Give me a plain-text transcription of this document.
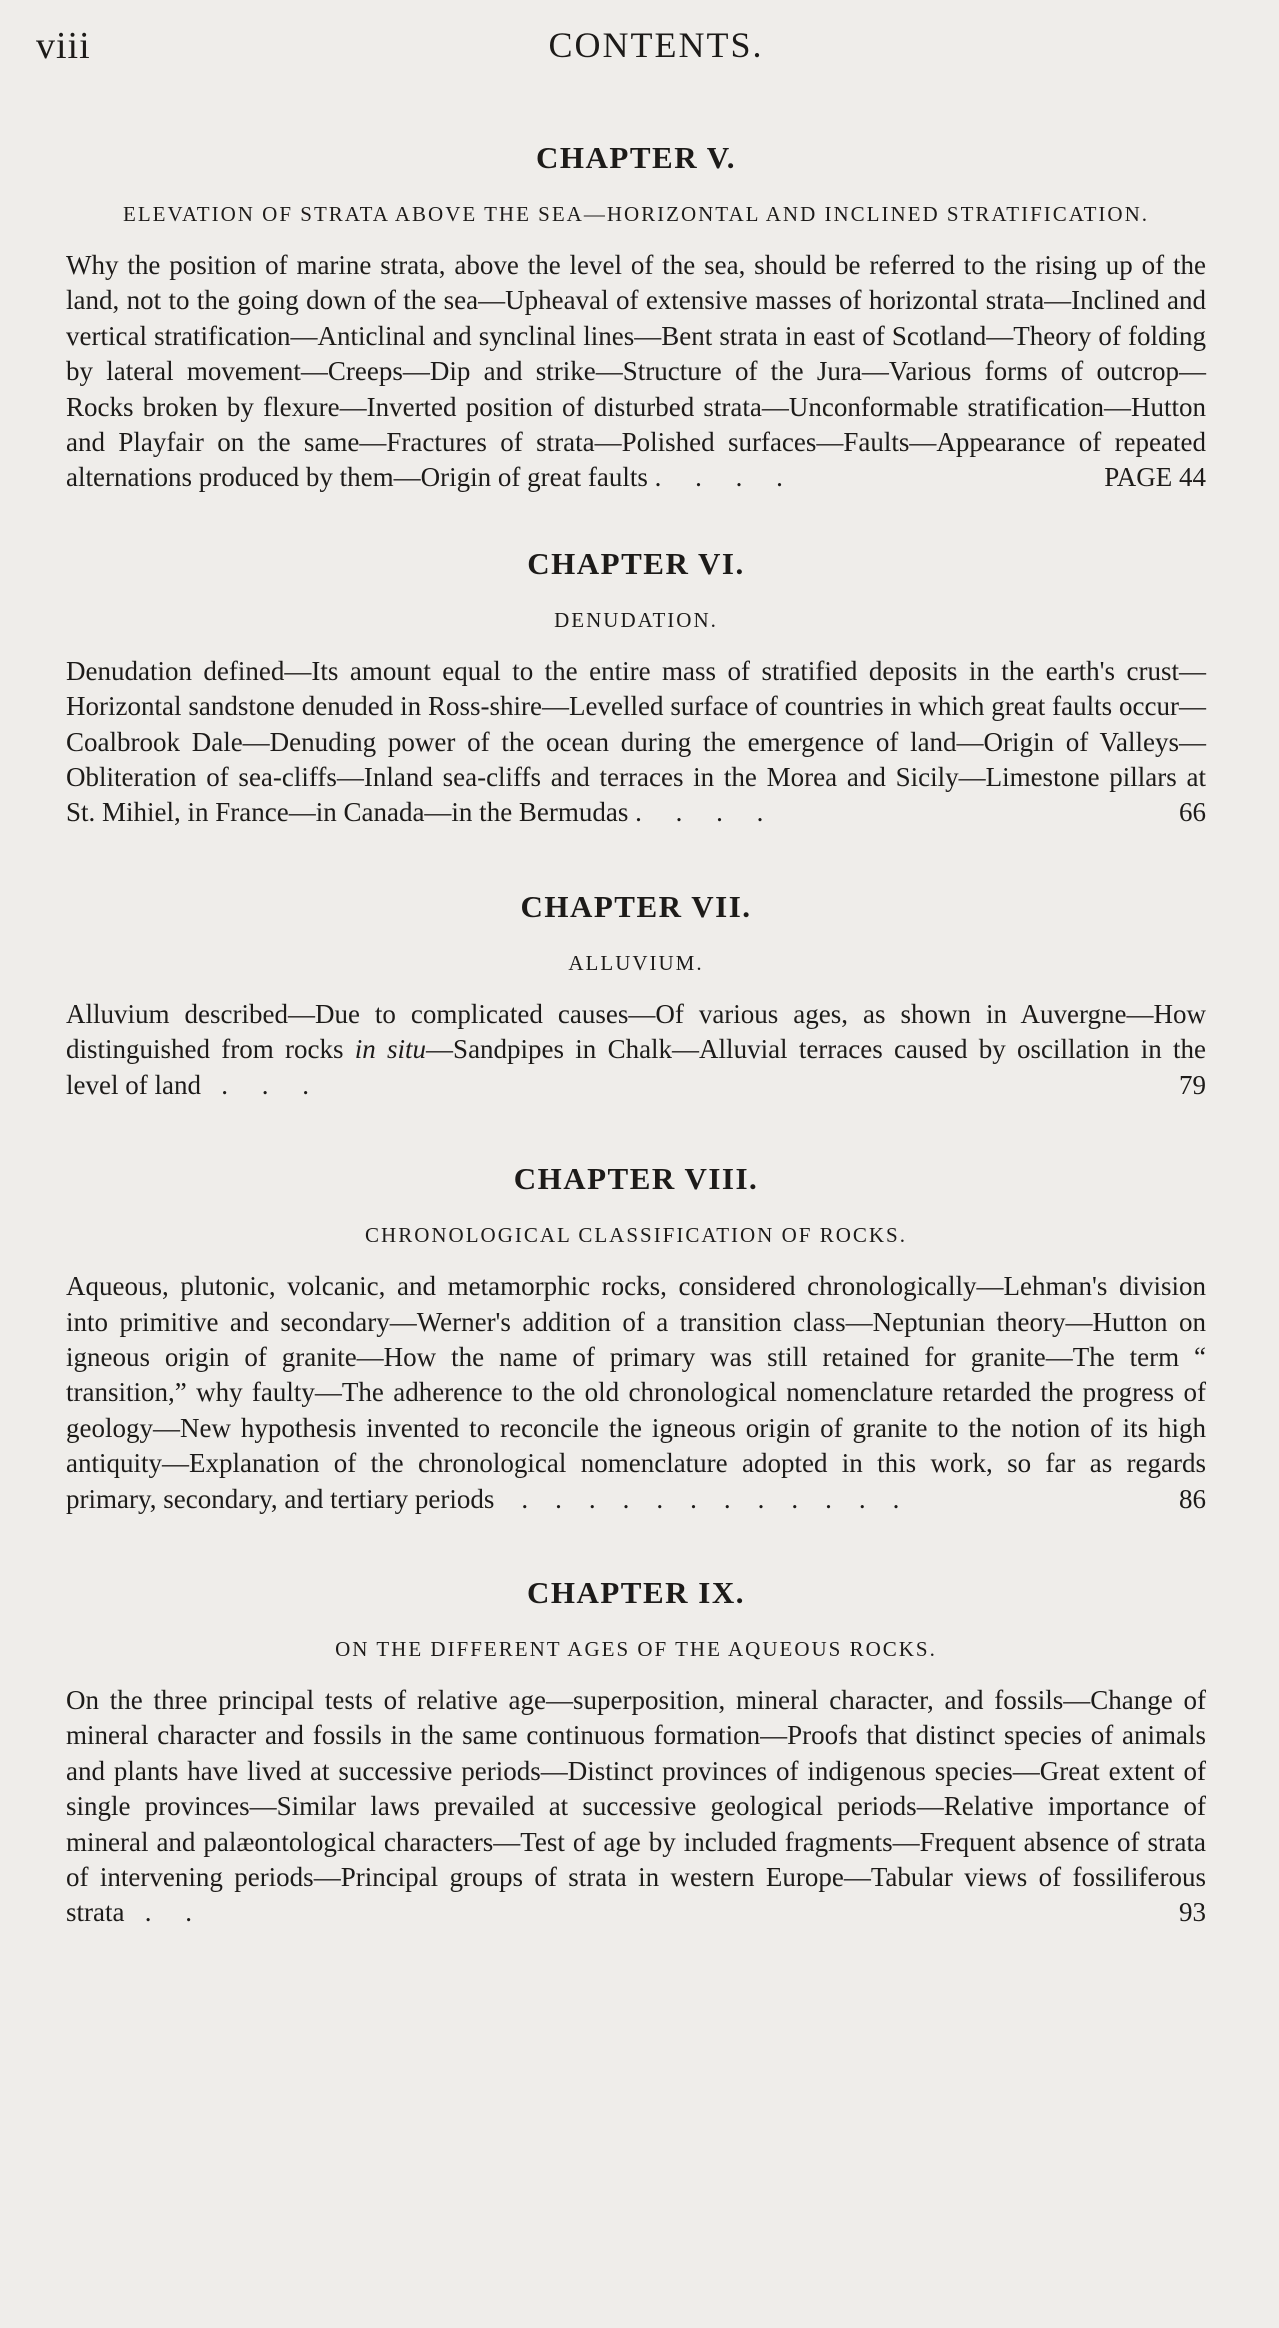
viii	CONTENTS.
CHAPTER V.
ELEVATION OF STRATA ABOVE THE SEA—HORIZONTAL AND INCLINED STRATIFICATION.

Why the position of marine strata, above the level of the sea, should be referred to the rising up of the land, not to the going down of the sea—Upheaval of extensive masses of horizontal strata—Inclined and vertical stratification—Anticlinal and synclinal lines—Bent strata in east of Scotland—Theory of folding by lateral movement—Creeps—Dip and strike—Structure of the Jura—Various forms of outcrop—Rocks broken by flexure—Inverted position of disturbed strata—Unconformable stratification—Hutton and Playfair on the same—Fractures of strata—Polished surfaces—Faults—Appearance of repeated alternations produced by them—Origin of great faults .     .     .     .	PAGE 44

CHAPTER VI.
DENUDATION.

Denudation defined—Its amount equal to the entire mass of stratified deposits in the earth's crust—Horizontal sandstone denuded in Ross-shire—Levelled surface of countries in which great faults occur—Coalbrook Dale—Denuding power of the ocean during the emergence of land—Origin of Valleys—Obliteration of sea-cliffs—Inland sea-cliffs and terraces in the Morea and Sicily—Limestone pillars at St. Mihiel, in France—in Canada—in the Bermudas .     .     .     .	66

CHAPTER VII.
ALLUVIUM.

Alluvium described—Due to complicated causes—Of various ages, as shown in Auvergne—How distinguished from rocks in situ—Sandpipes in Chalk—Alluvial terraces caused by oscillation in the level of land   .     .     .	79

CHAPTER VIII.
CHRONOLOGICAL CLASSIFICATION OF ROCKS.

Aqueous, plutonic, volcanic, and metamorphic rocks, considered chronologically—Lehman's division into primitive and secondary—Werner's addition of a transition class—Neptunian theory—Hutton on igneous origin of granite—How the name of primary was still retained for granite—The term “ transition,” why faulty—The adherence to the old chronological nomenclature retarded the progress of geology—New hypothesis invented to reconcile the igneous origin of granite to the notion of its high antiquity—Explanation of the chronological nomenclature adopted in this work, so far as regards primary, secondary, and tertiary periods    .    .    .    .    .    .    .    .    .    .    .    .	86

CHAPTER IX.
ON THE DIFFERENT AGES OF THE AQUEOUS ROCKS.

On the three principal tests of relative age—superposition, mineral character, and fossils—Change of mineral character and fossils in the same continuous formation—Proofs that distinct species of animals and plants have lived at successive periods—Distinct provinces of indigenous species—Great extent of single provinces—Similar laws prevailed at successive geological periods—Relative importance of mineral and palæontological characters—Test of age by included fragments—Frequent absence of strata of intervening periods—Principal groups of strata in western Europe—Tabular views of fossiliferous strata   .     .	93
